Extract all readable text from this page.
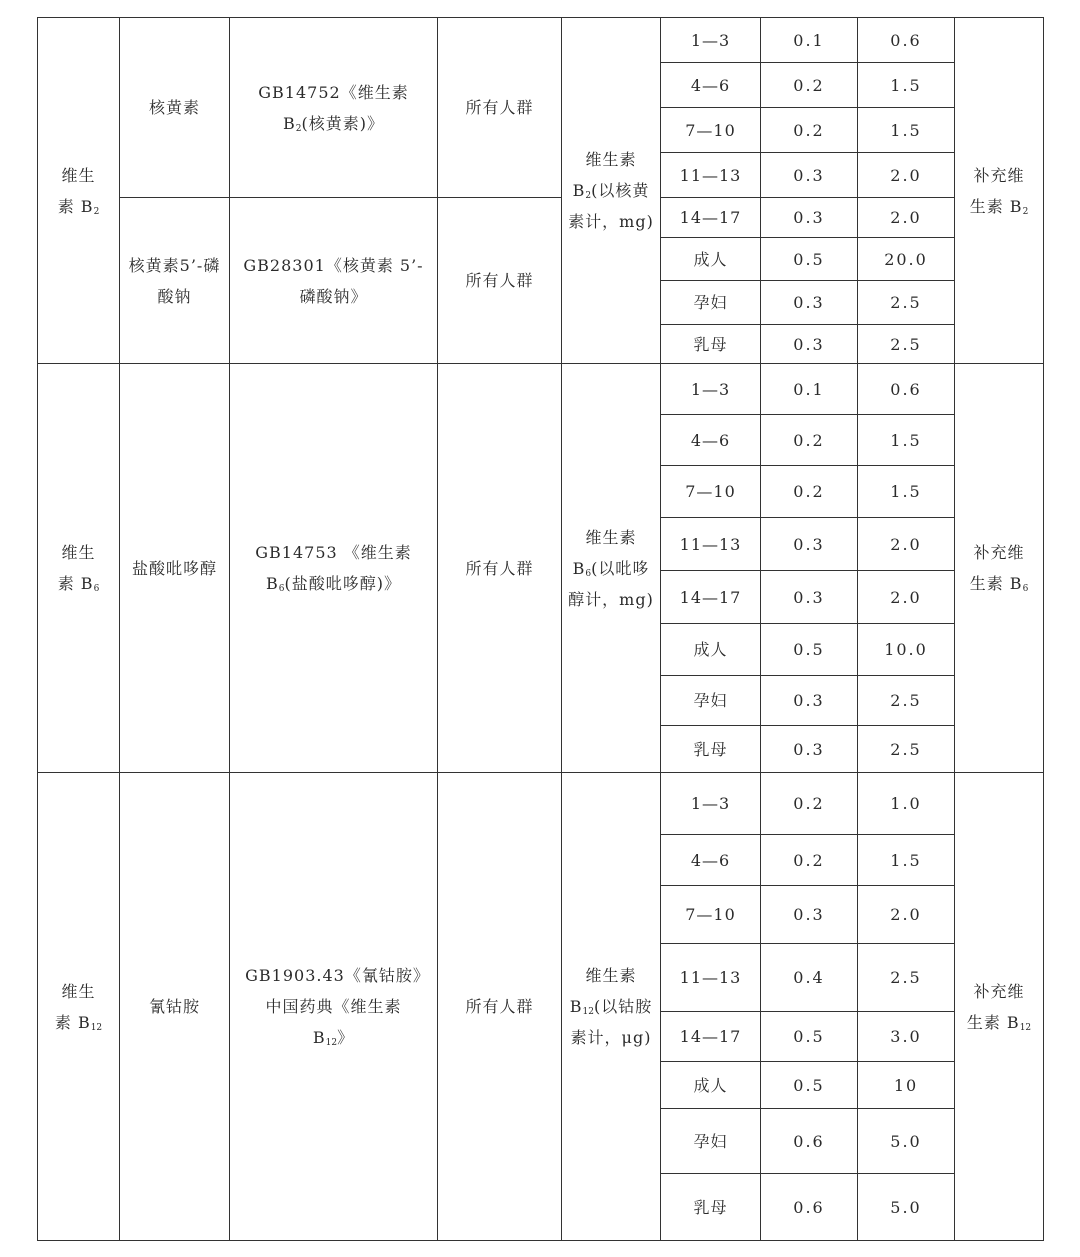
维生素 $B_2$	核黄素	GB14752《维生素 $B_2$(核黄素)》	所有人群	维生素 $B_2$(以核黄素计，mg)	1—3	0.1	0.6	补充维生素 $B_2$

					4—6	0.2	1.5	
					7—10	0.2	1.5	
					11—13	0.3	2.0	

	核黄素5’-磷酸钠	GB28301《核黄素 5’-磷酸钠》	所有人群		14—17	0.3	2.0	
					成人	0.5	20.0	
					孕妇	0.3	2.5	
					乳母	0.3	2.5	

维生素 $B_6$	盐酸吡哆醇	GB14753 《维生素 $B_6$(盐酸吡哆醇)》	所有人群	维生素 $B_6$(以吡哆醇计，mg)	1—3	0.1	0.6	补充维生素 $B_6$

					4—6	0.2	1.5	
					7—10	0.2	1.5	
					11—13	0.3	2.0	
					14—17	0.3	2.0	
					成人	0.5	10.0	
					孕妇	0.3	2.5	
					乳母	0.3	2.5	

维生素 $B_{12}$	氰钴胺	GB1903.43《氰钴胺》中国药典《维生素 $B_{12}$》	所有人群	维生素 $B_{12}$(以钴胺素计，μg)	1—3	0.2	1.0	补充维生素 $B_{12}$

					4—6	0.2	1.5	
					7—10	0.3	2.0	
					11—13	0.4	2.5	
					14—17	0.5	3.0	
					成人	0.5	10	
					孕妇	0.6	5.0	
					乳母	0.6	5.0	
